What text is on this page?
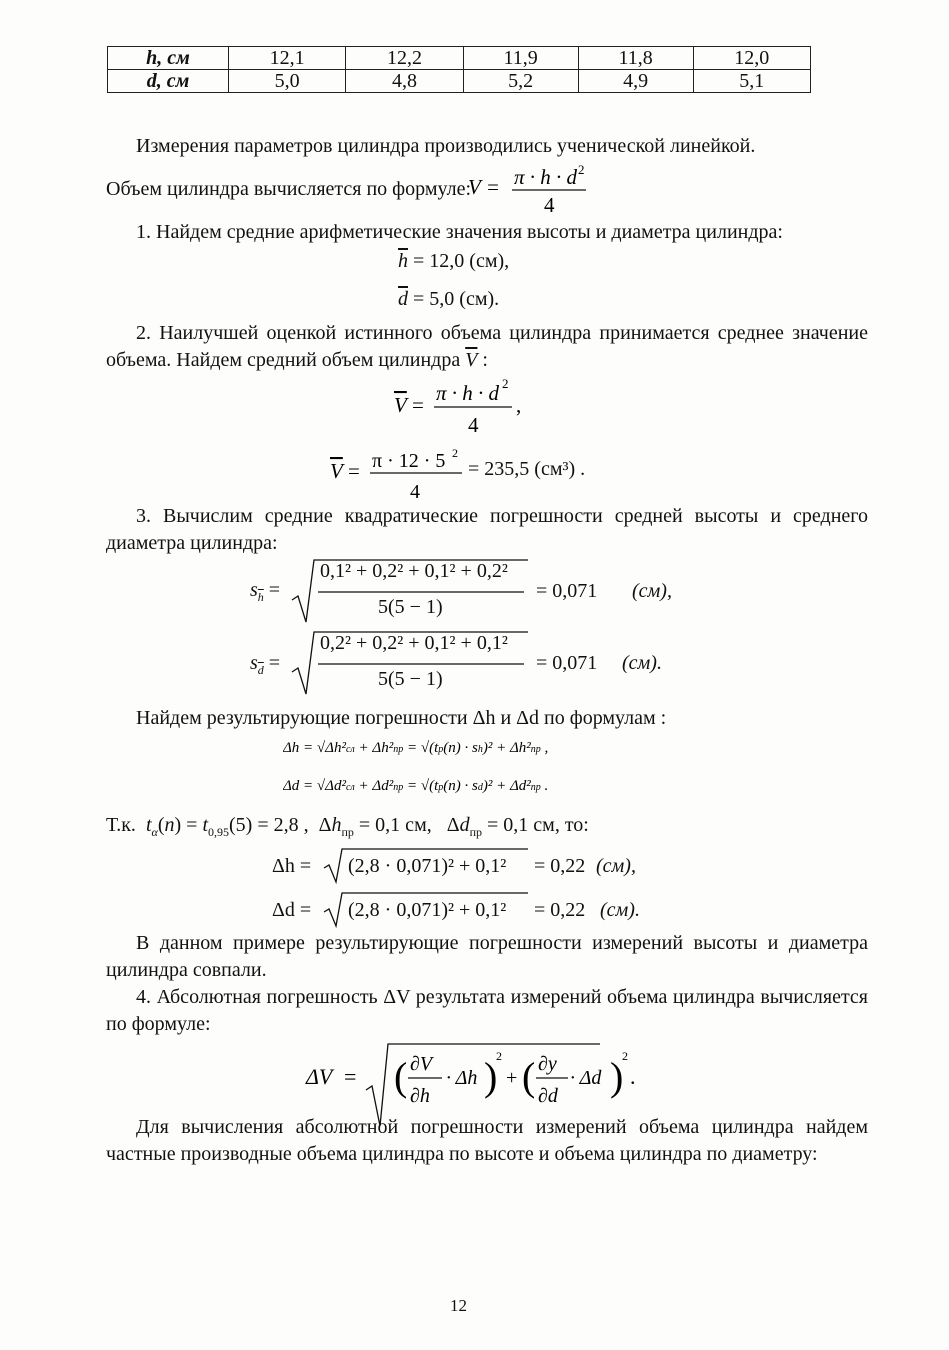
h, см	12,1	12,2	11,9	11,8	12,0
d, см	5,0	4,8	5,2	4,9	5,1
Измерения параметров цилиндра производились ученической линейкой.
Объем цилиндра вычисляется по формуле:
V = π · h · d 2
4
1. Найдем средние арифметические значения высоты и диаметра цилиндра:
$\overline{h} = 12,0$ (см),
$\overline{d} = 5,0$ (см).
2. Наилучшей оценкой истинного объема цилиндра принимается среднее значение объема. Найдем средний объем цилиндра $\overline{V}$ :
V = π · h · d 2
4
,
V = π · 12 · 5 2
4
= 235,5 (см³) .
3. Вычислим средние квадратические погрешности средней высоты и среднего диаметра цилиндра:
$s_{\overline{h}}$ =
0,1² + 0,2² + 0,1² + 0,2²
5(5 − 1)
= 0,071 (см),
$s_{\overline{d}}$ =
0,2² + 0,2² + 0,1² + 0,1²
5(5 − 1)
= 0,071 (см).
Найдем результирующие погрешности Δh и Δd по формулам :
Δh = √Δh²сл + Δh²пр = √(tp(n) · sh)² + Δh²пр ,
Δd = √Δd²сл + Δd²пр = √(tp(n) · sd)² + Δd²пр .
Т.к. $t_\alpha(n) = t_{0,95}(5) = 2,8$ ,  $\Delta h_{пр} = 0,1$ см,   $\Delta d_{пр} = 0,1$ см, то:
Δh = (2,8 · 0,071)² + 0,1² = 0,22 (см),
Δd = (2,8 · 0,071)² + 0,1² = 0,22 (см).
В данном примере результирующие погрешности измерений высоты и диаметра цилиндра совпали.
4. Абсолютная погрешность ΔV результата измерений объема цилиндра вычисляется по формуле:
ΔV = ( ∂V
∂h
· Δh )
2
+ ( ∂y
∂d
· Δd )
2
.
Для вычисления абсолютной погрешности измерений объема цилиндра найдем частные производные объема цилиндра по высоте и объема цилиндра по диаметру:
12
